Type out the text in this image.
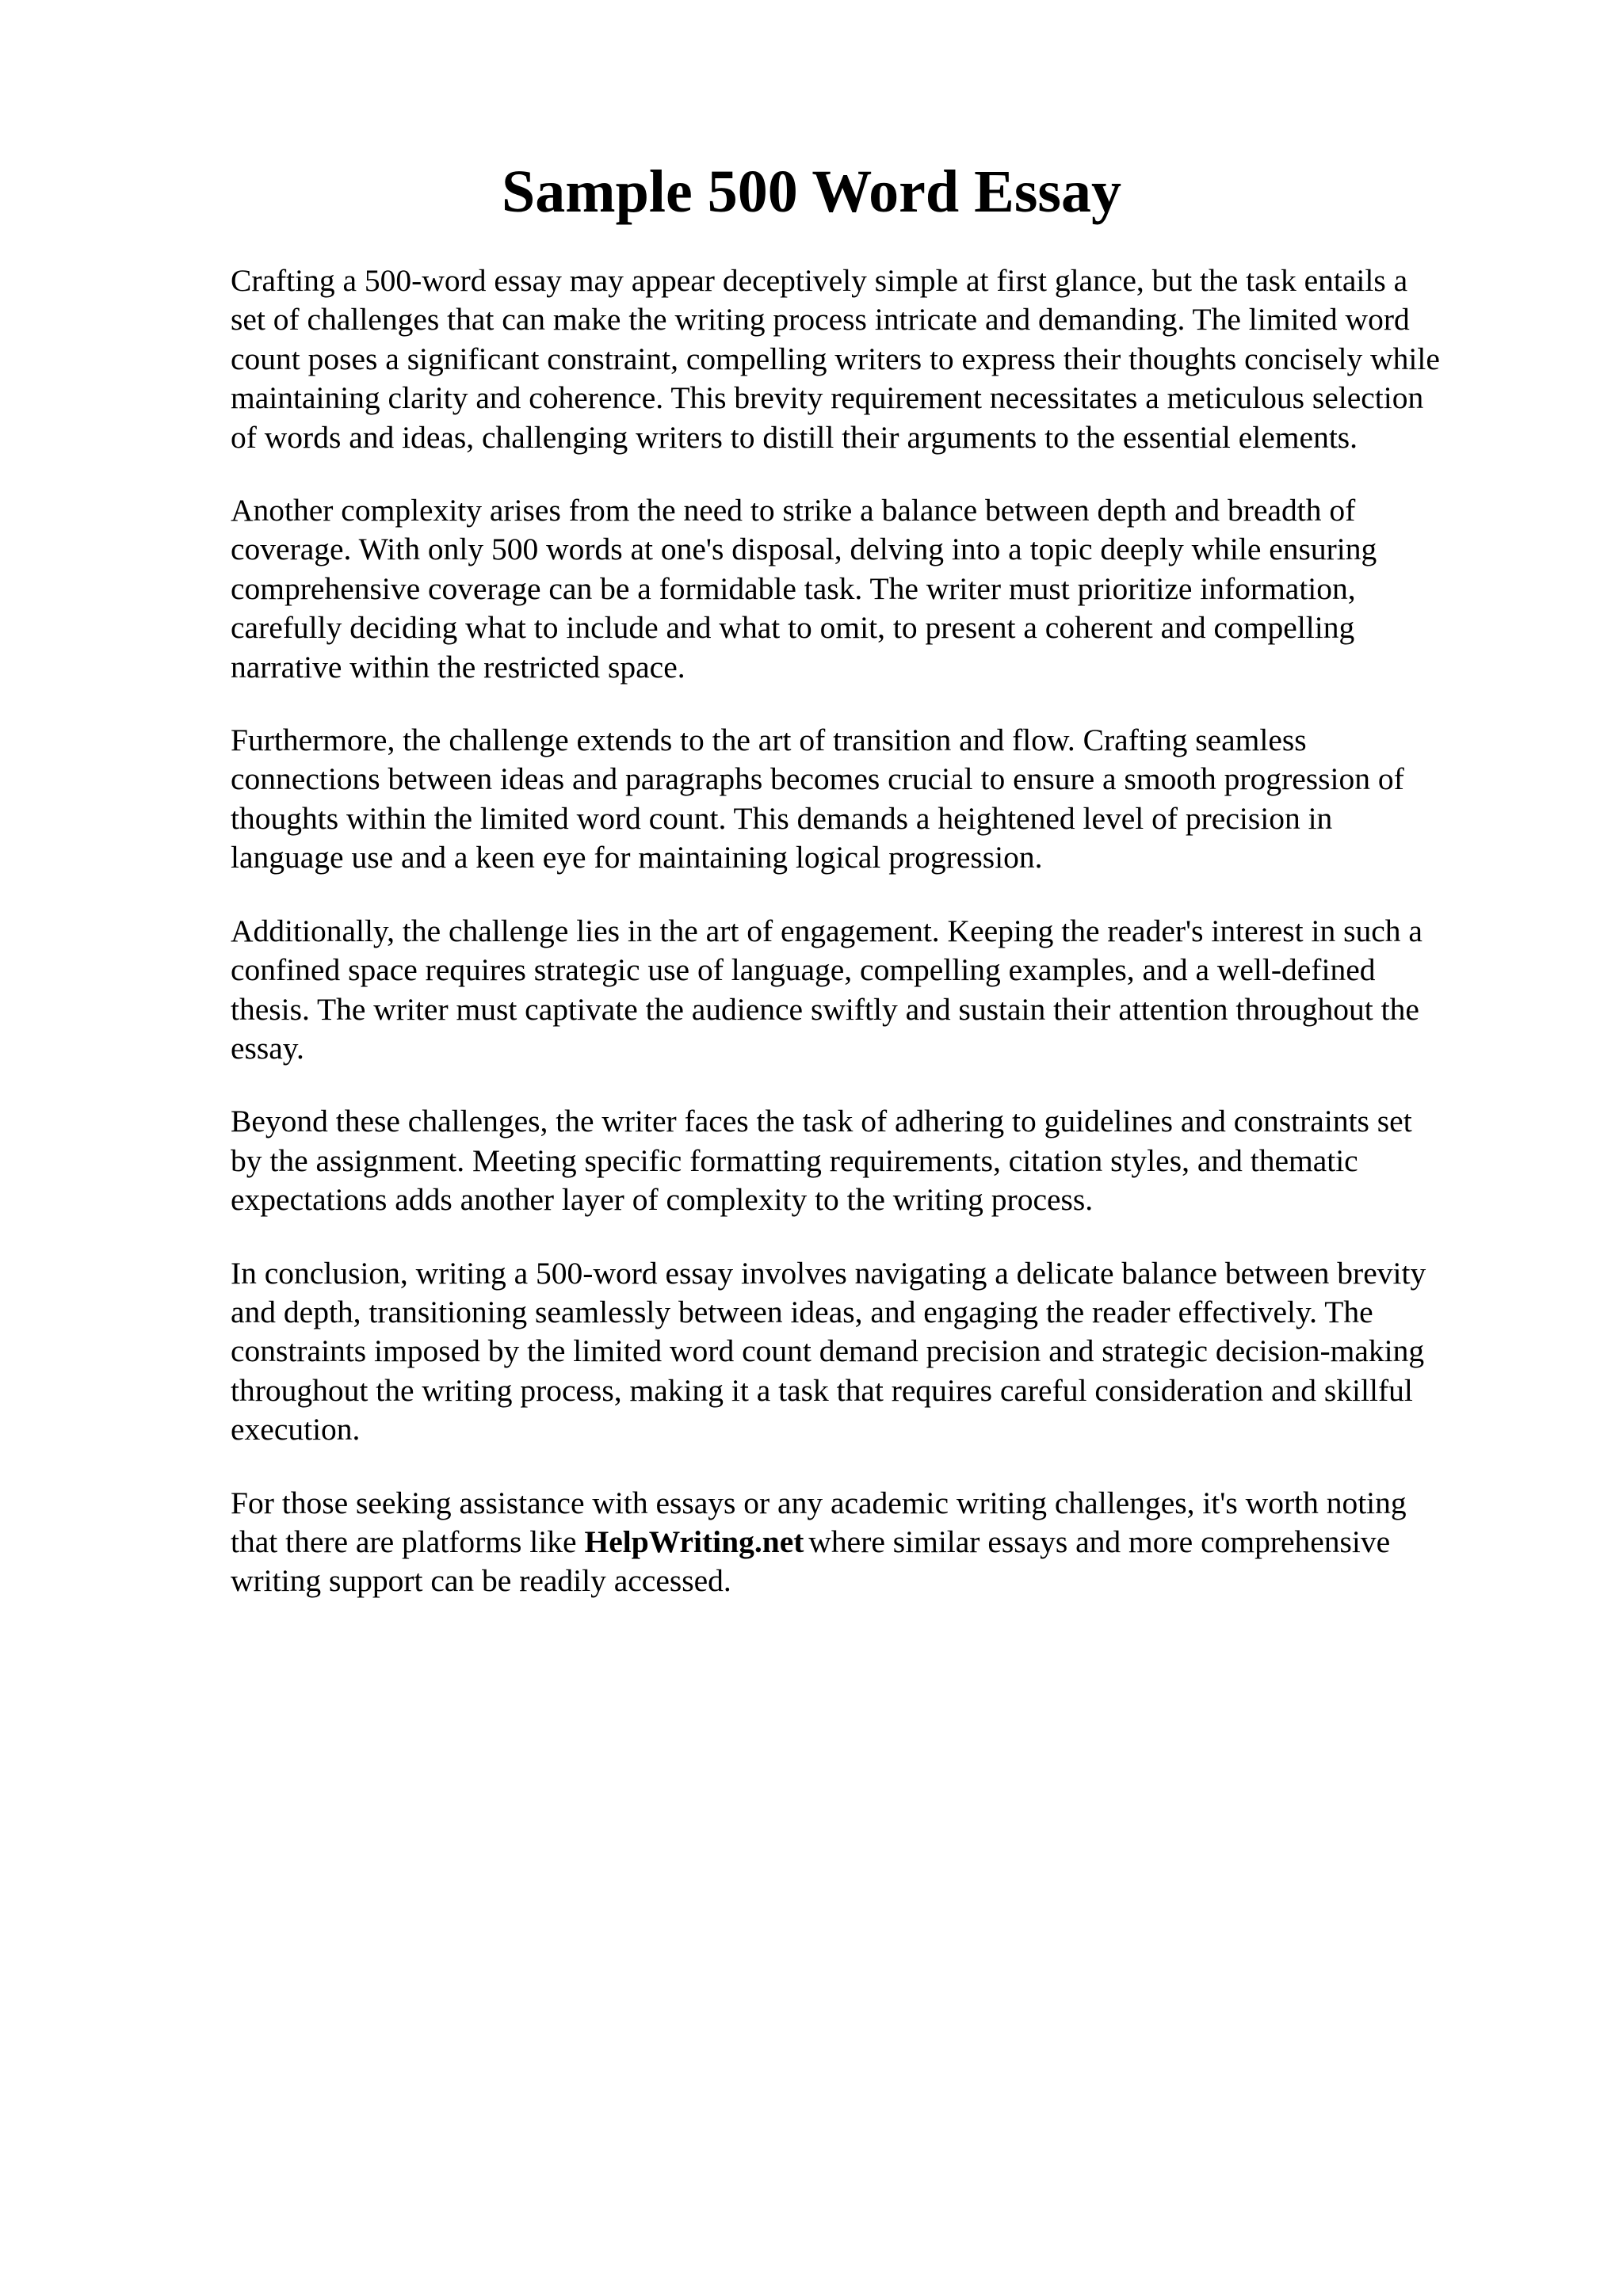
Sample 500 Word Essay

Crafting a 500-word essay may appear deceptively simple at first glance, but the task entails a
set of challenges that can make the writing process intricate and demanding. The limited word
count poses a significant constraint, compelling writers to express their thoughts concisely while
maintaining clarity and coherence. This brevity requirement necessitates a meticulous selection
of words and ideas, challenging writers to distill their arguments to the essential elements.

Another complexity arises from the need to strike a balance between depth and breadth of
coverage. With only 500 words at one's disposal, delving into a topic deeply while ensuring
comprehensive coverage can be a formidable task. The writer must prioritize information,
carefully deciding what to include and what to omit, to present a coherent and compelling
narrative within the restricted space.

Furthermore, the challenge extends to the art of transition and flow. Crafting seamless
connections between ideas and paragraphs becomes crucial to ensure a smooth progression of
thoughts within the limited word count. This demands a heightened level of precision in
language use and a keen eye for maintaining logical progression.

Additionally, the challenge lies in the art of engagement. Keeping the reader's interest in such a
confined space requires strategic use of language, compelling examples, and a well-defined
thesis. The writer must captivate the audience swiftly and sustain their attention throughout the
essay.

Beyond these challenges, the writer faces the task of adhering to guidelines and constraints set
by the assignment. Meeting specific formatting requirements, citation styles, and thematic
expectations adds another layer of complexity to the writing process.

In conclusion, writing a 500-word essay involves navigating a delicate balance between brevity
and depth, transitioning seamlessly between ideas, and engaging the reader effectively. The
constraints imposed by the limited word count demand precision and strategic decision-making
throughout the writing process, making it a task that requires careful consideration and skillful
execution.

For those seeking assistance with essays or any academic writing challenges, it's worth noting
that there are platforms like HelpWriting.net where similar essays and more comprehensive
writing support can be readily accessed.
